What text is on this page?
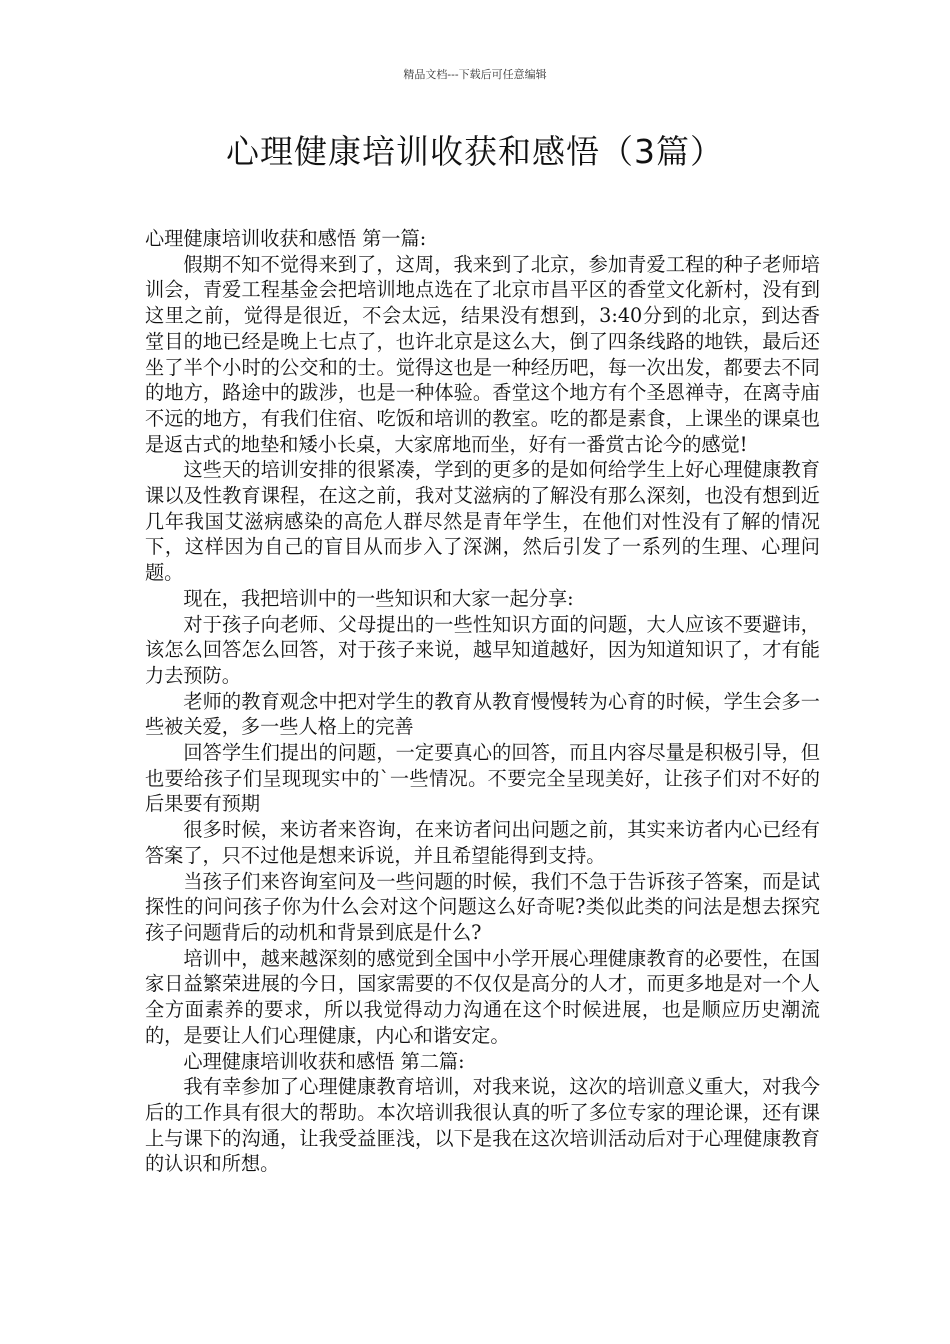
精品文档---下载后可任意编辑
心理健康培训收获和感悟（3篇）

心理健康培训收获和感悟 第一篇:

假期不知不觉得来到了，这周，我来到了北京，参加青爱工程的种子老师培训会，青爱工程基金会把培训地点选在了北京市昌平区的香堂文化新村，没有到这里之前，觉得是很近，不会太远，结果没有想到，3:40分到的北京，到达香堂目的地已经是晚上七点了，也许北京是这么大，倒了四条线路的地铁，最后还坐了半个小时的公交和的士。觉得这也是一种经历吧，每一次出发，都要去不同的地方，路途中的跋涉，也是一种体验。香堂这个地方有个圣恩禅寺，在离寺庙不远的地方，有我们住宿、吃饭和培训的教室。吃的都是素食，上课坐的课桌也是返古式的地垫和矮小长桌，大家席地而坐，好有一番赏古论今的感觉!

这些天的培训安排的很紧凑，学到的更多的是如何给学生上好心理健康教育课以及性教育课程，在这之前，我对艾滋病的了解没有那么深刻，也没有想到近几年我国艾滋病感染的高危人群尽然是青年学生，在他们对性没有了解的情况下，这样因为自己的盲目从而步入了深渊，然后引发了一系列的生理、心理问题。

现在，我把培训中的一些知识和大家一起分享:

对于孩子向老师、父母提出的一些性知识方面的问题，大人应该不要避讳，该怎么回答怎么回答，对于孩子来说，越早知道越好，因为知道知识了，才有能力去预防。

老师的教育观念中把对学生的教育从教育慢慢转为心育的时候，学生会多一些被关爱，多一些人格上的完善

回答学生们提出的问题，一定要真心的回答，而且内容尽量是积极引导，但也要给孩子们呈现现实中的`一些情况。不要完全呈现美好，让孩子们对不好的后果要有预期

很多时候，来访者来咨询，在来访者问出问题之前，其实来访者内心已经有答案了，只不过他是想来诉说，并且希望能得到支持。

当孩子们来咨询室问及一些问题的时候，我们不急于告诉孩子答案，而是试探性的问问孩子你为什么会对这个问题这么好奇呢?类似此类的问法是想去探究孩子问题背后的动机和背景到底是什么?

培训中，越来越深刻的感觉到全国中小学开展心理健康教育的必要性，在国家日益繁荣进展的今日，国家需要的不仅仅是高分的人才，而更多地是对一个人全方面素养的要求，所以我觉得动力沟通在这个时候进展，也是顺应历史潮流的，是要让人们心理健康，内心和谐安定。

心理健康培训收获和感悟 第二篇:

我有幸参加了心理健康教育培训，对我来说，这次的培训意义重大，对我今后的工作具有很大的帮助。本次培训我很认真的听了多位专家的理论课，还有课上与课下的沟通，让我受益匪浅，以下是我在这次培训活动后对于心理健康教育的认识和所想。
